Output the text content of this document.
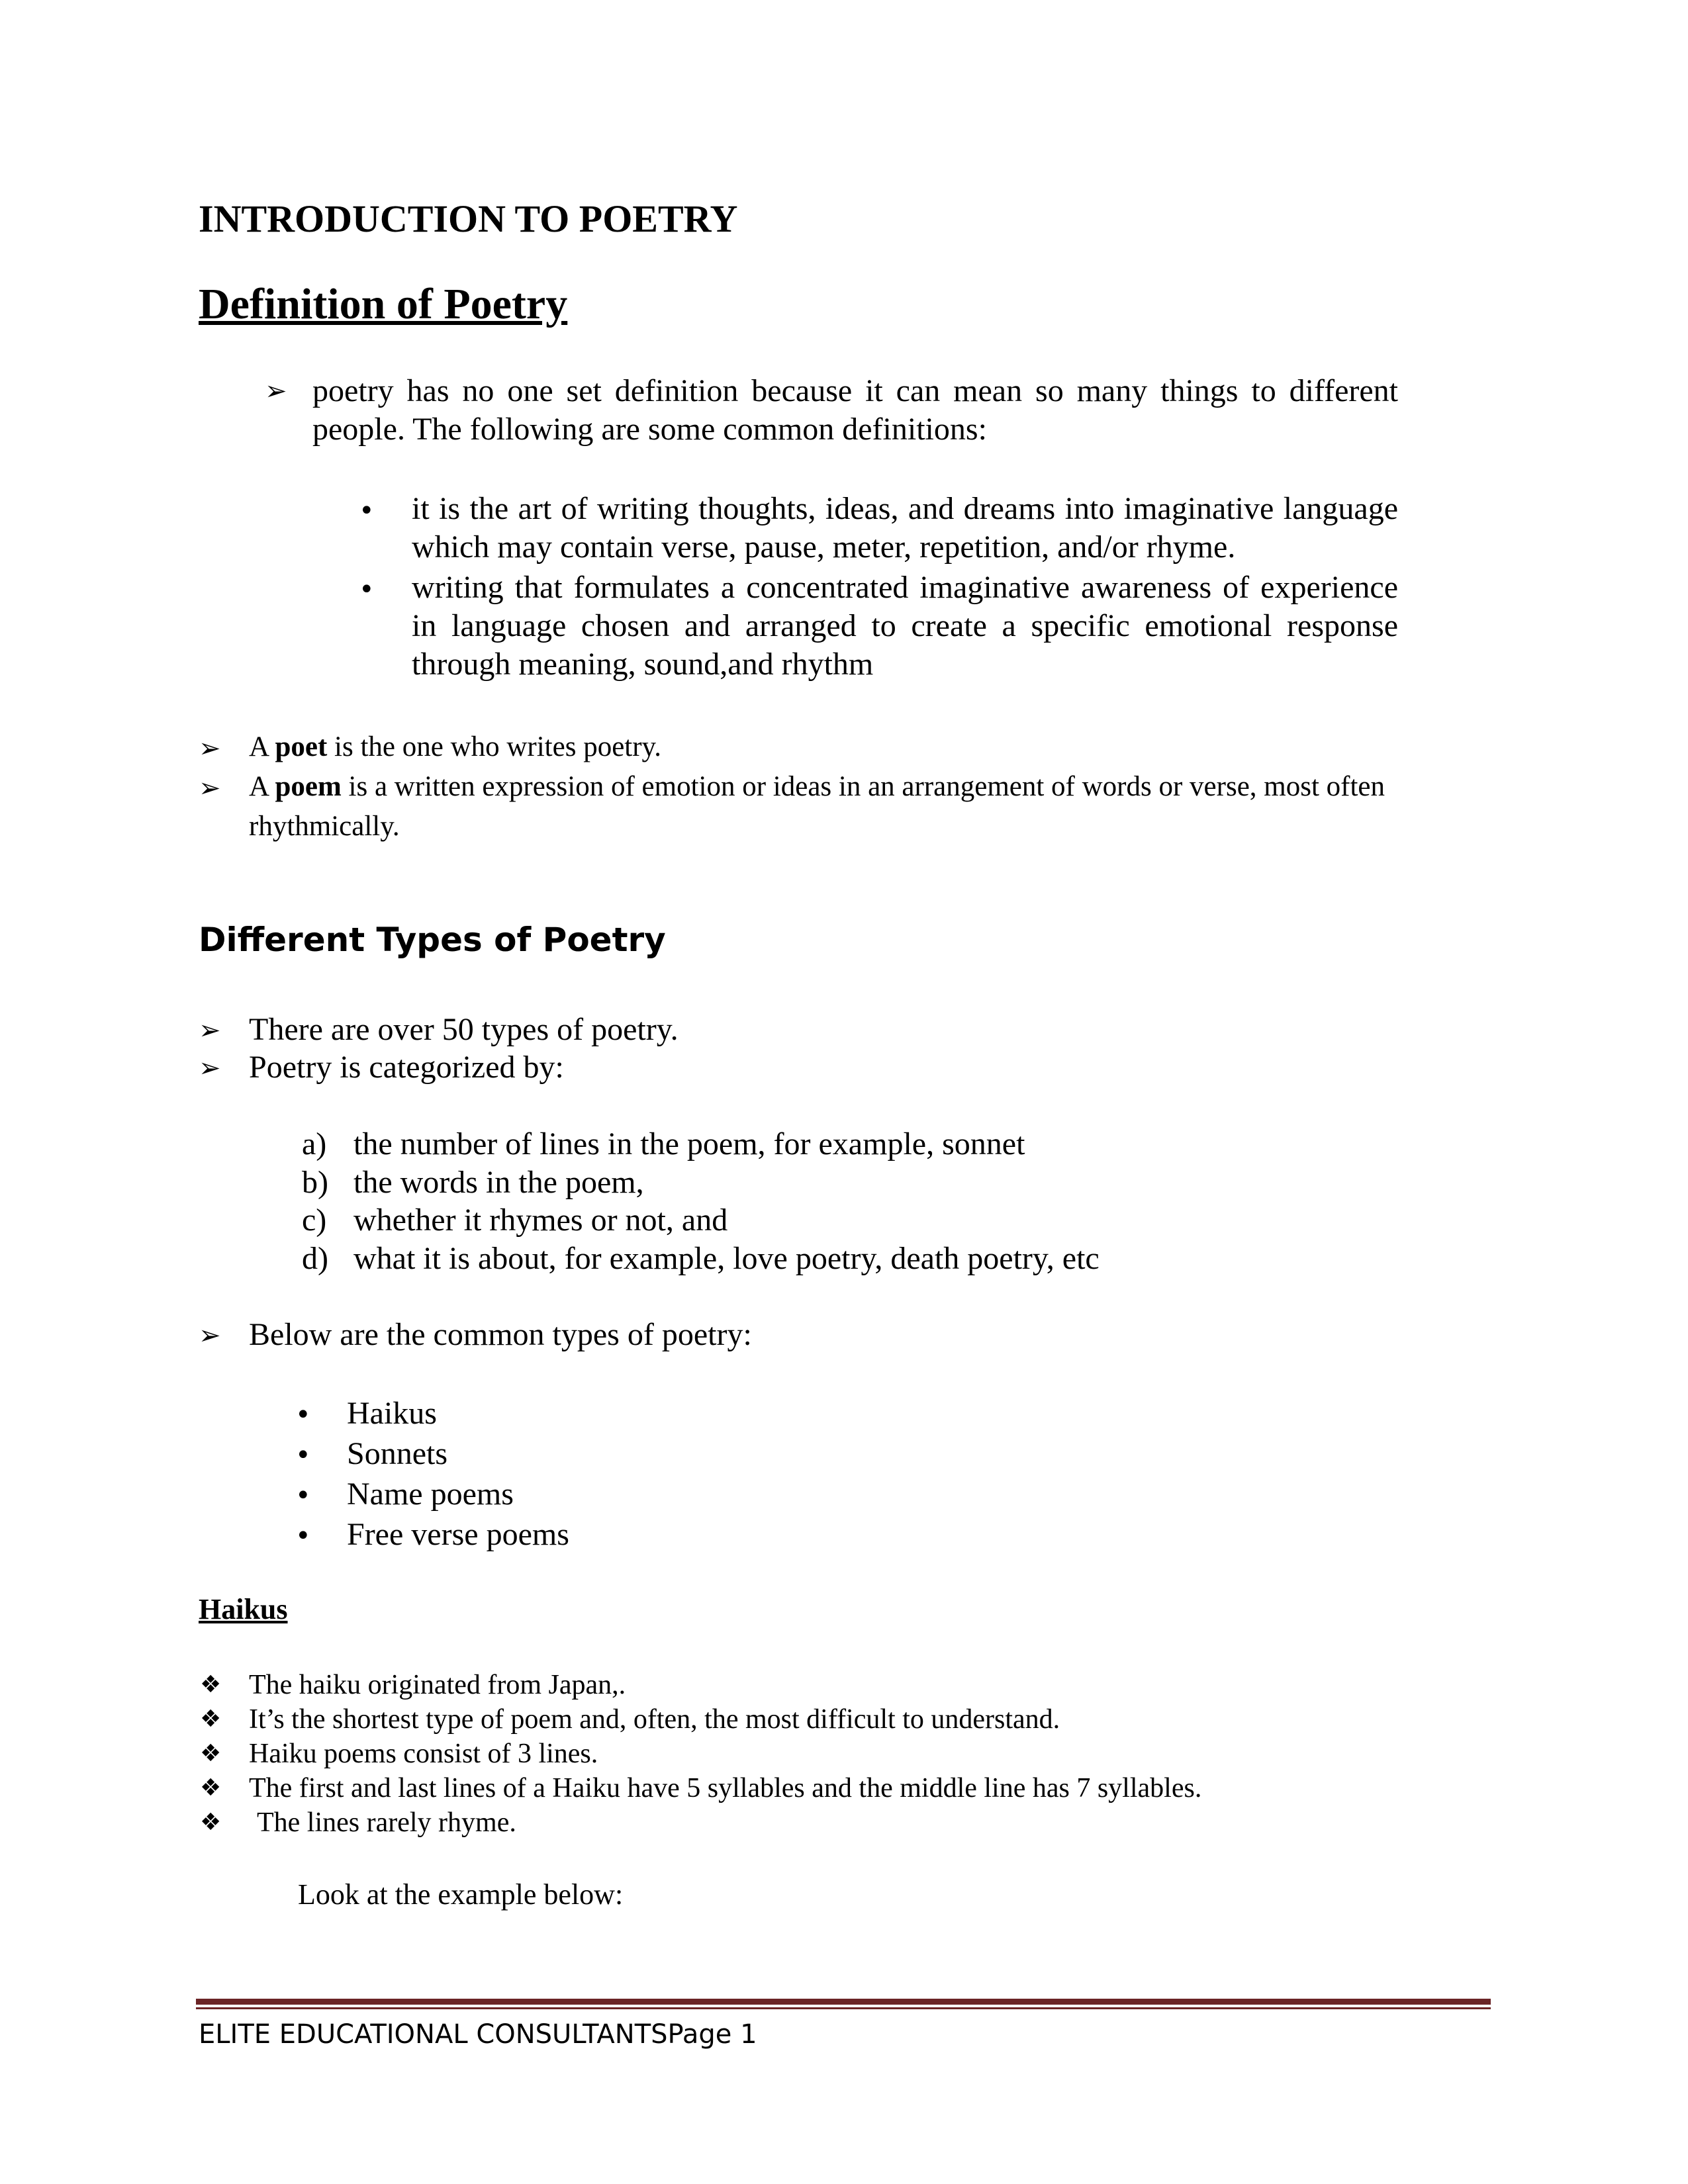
INTRODUCTION TO POETRY
Definition of Poetry
➢ poetry has no one set definition because it can mean so many things to different people. The following are some common definitions:
• it is the art of writing thoughts, ideas, and dreams into imaginative language which may contain verse, pause, meter, repetition, and/or rhyme.
• writing that formulates a concentrated imaginative awareness of experience in language chosen and arranged to create a specific emotional response through meaning, sound,and rhythm
➢ A poet is the one who writes poetry.
➢ A poem is a written expression of emotion or ideas in an arrangement of words or verse, most often rhythmically.
Different Types of Poetry
➢ There are over 50 types of poetry.
➢ Poetry is categorized by:
a) the number of lines in the poem, for example, sonnet
b) the words in the poem,
c) whether it rhymes or not, and
d) what it is about, for example, love poetry, death poetry, etc
➢ Below are the common types of poetry:
• Haikus
• Sonnets
• Name poems
• Free verse poems
Haikus
❖ The haiku originated from Japan,.
❖ It’s the shortest type of poem and, often, the most difficult to understand.
❖ Haiku poems consist of 3 lines.
❖ The first and last lines of a Haiku have 5 syllables and the middle line has 7 syllables.
❖ The lines rarely rhyme.
Look at the example below:
ELITE EDUCATIONAL CONSULTANTSPage 1
